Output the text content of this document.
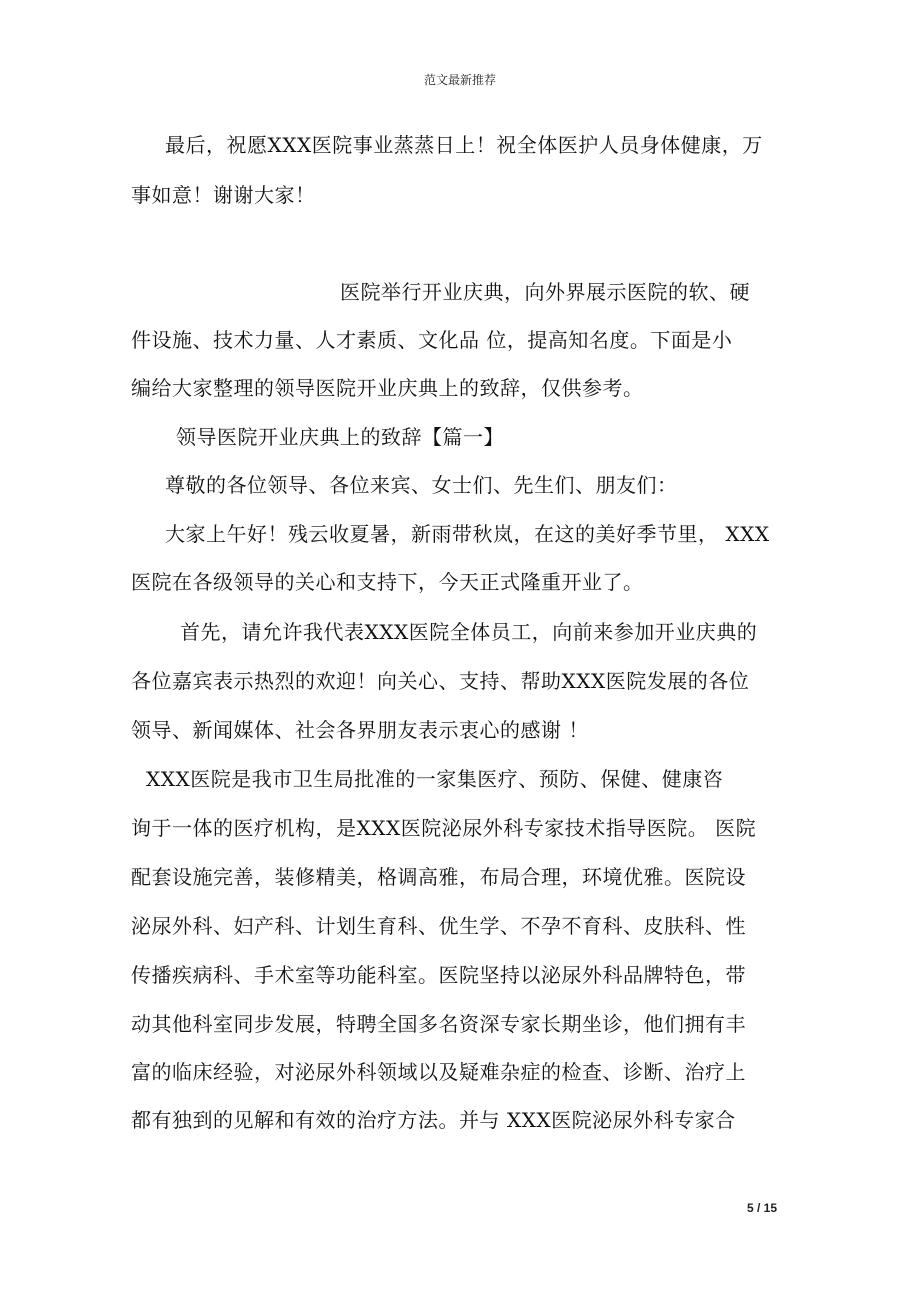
范文最新推荐
最后，祝愿XXX医院事业蒸蒸日上！祝全体医护人员身体健康，万
事如意！谢谢大家！
医院举行开业庆典，向外界展示医院的软、硬
件设施、技术力量、人才素质、文化品 位，提高知名度。下面是小
编给大家整理的领导医院开业庆典上的致辞，仅供参考。
领导医院开业庆典上的致辞【篇一】
尊敬的各位领导、各位来宾、女士们、先生们、朋友们：
大家上午好！残云收夏暑，新雨带秋岚，在这的美好季节里， XXX
医院在各级领导的关心和支持下，今天正式隆重开业了。
首先，请允许我代表XXX医院全体员工，向前来参加开业庆典的
各位嘉宾表示热烈的欢迎！向关心、支持、帮助XXX医院发展的各位
领导、新闻媒体、社会各界朋友表示衷心的感谢 ！
XXX医院是我市卫生局批准的一家集医疗、预防、保健、健康咨
询于一体的医疗机构，是XXX医院泌尿外科专家技术指导医院。 医院
配套设施完善，装修精美，格调高雅，布局合理，环境优雅。医院设
泌尿外科、妇产科、计划生育科、优生学、不孕不育科、皮肤科、性
传播疾病科、手术室等功能科室。医院坚持以泌尿外科品牌特色，带
动其他科室同步发展，特聘全国多名资深专家长期坐诊，他们拥有丰
富的临床经验，对泌尿外科领域以及疑难杂症的检查、诊断、治疗上
都有独到的见解和有效的治疗方法。并与 XXX医院泌尿外科专家合
5 / 15
